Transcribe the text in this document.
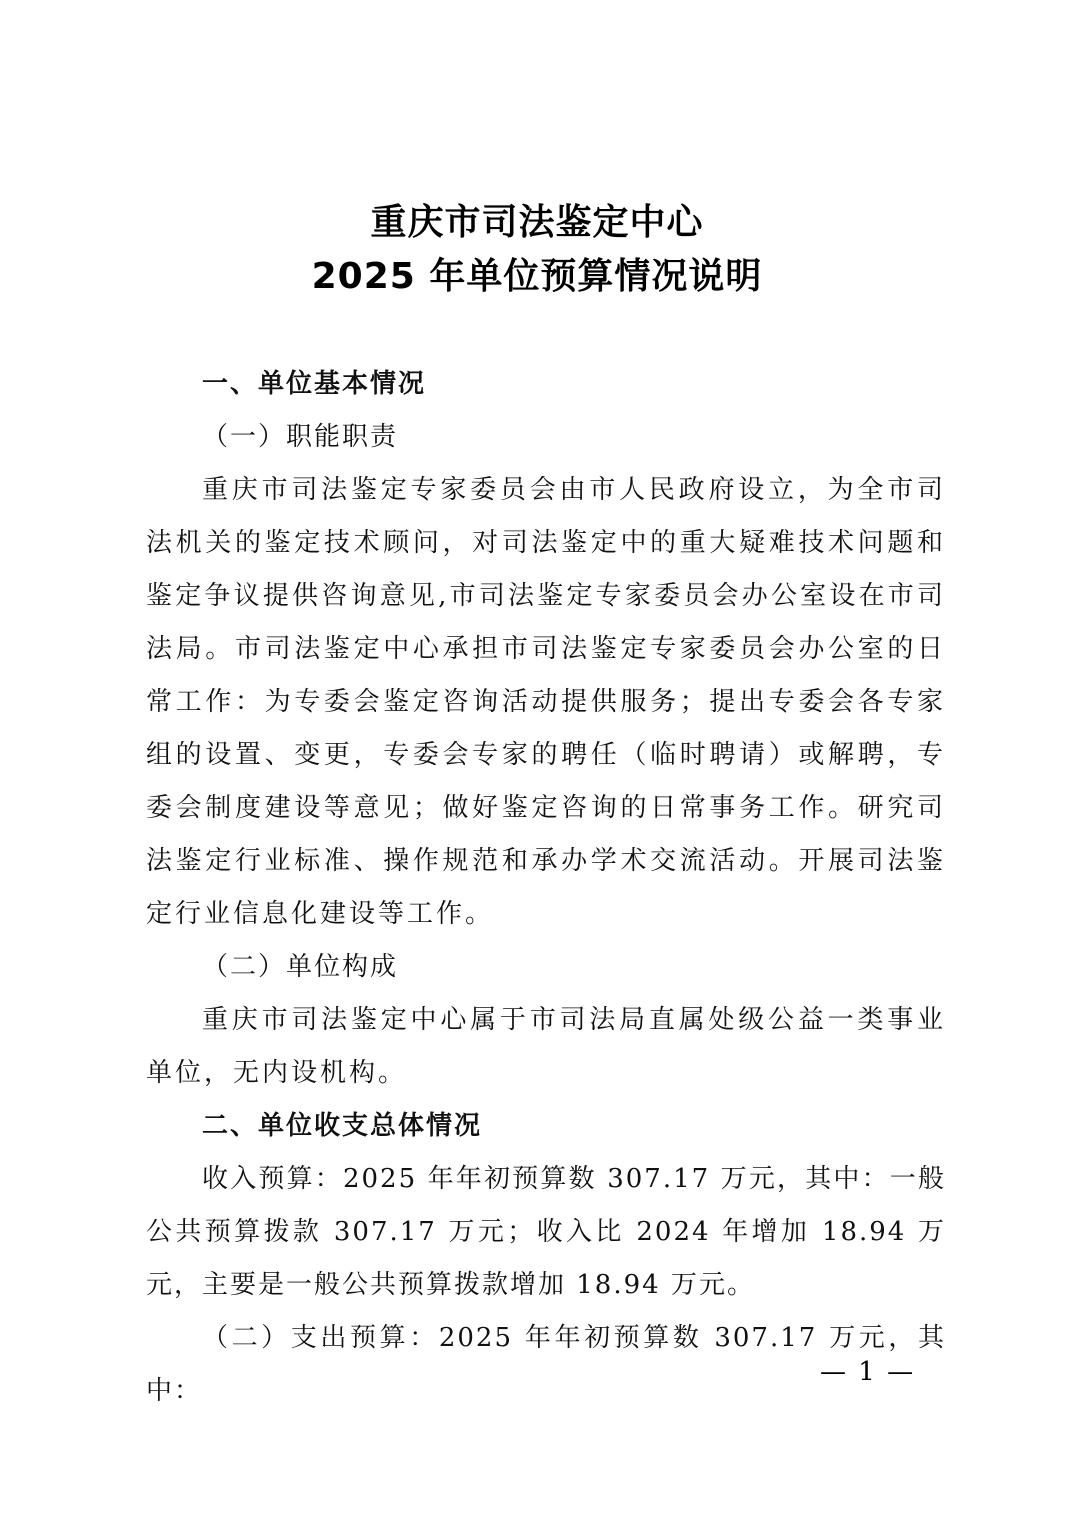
重庆市司法鉴定中心
2025 年单位预算情况说明

一、单位基本情况

（一）职能职责

重庆市司法鉴定专家委员会由市人民政府设立，为全市司法机关的鉴定技术顾问，对司法鉴定中的重大疑难技术问题和鉴定争议提供咨询意见,市司法鉴定专家委员会办公室设在市司法局。市司法鉴定中心承担市司法鉴定专家委员会办公室的日常工作：为专委会鉴定咨询活动提供服务；提出专委会各专家组的设置、变更，专委会专家的聘任（临时聘请）或解聘，专委会制度建设等意见；做好鉴定咨询的日常事务工作。研究司法鉴定行业标准、操作规范和承办学术交流活动。开展司法鉴定行业信息化建设等工作。

（二）单位构成

重庆市司法鉴定中心属于市司法局直属处级公益一类事业单位，无内设机构。

二、单位收支总体情况

收入预算：2025 年年初预算数 307.17 万元，其中：一般公共预算拨款 307.17 万元；收入比 2024 年增加 18.94 万元，主要是一般公共预算拨款增加 18.94 万元。

（二）支出预算：2025 年年初预算数 307.17 万元，其中：

— 1 —
